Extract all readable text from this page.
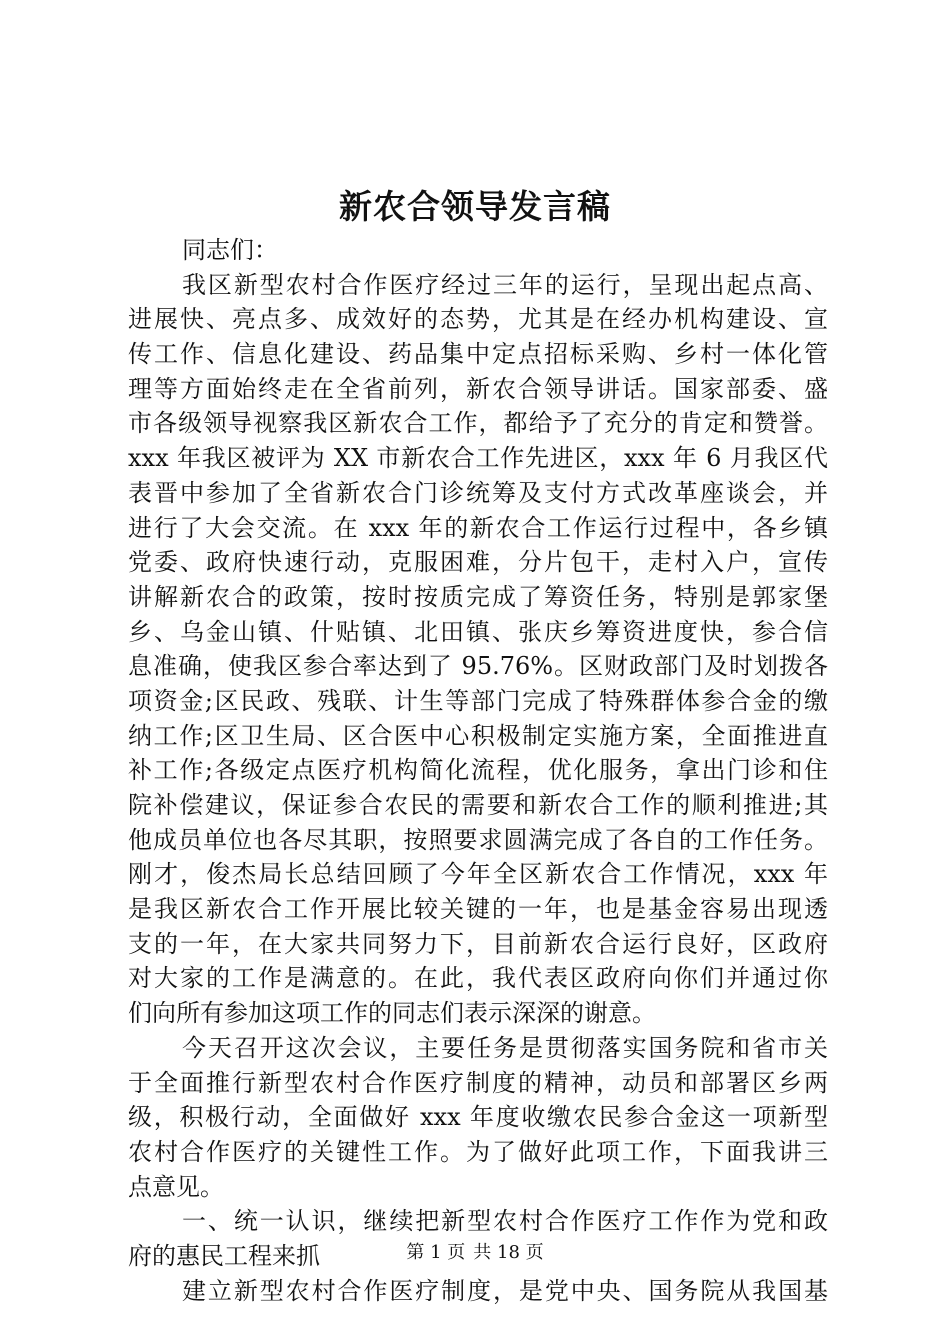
新农合领导发言稿
同志们：
我区新型农村合作医疗经过三年的运行，呈现出起点高、
进展快、亮点多、成效好的态势，尤其是在经办机构建设、宣
传工作、信息化建设、药品集中定点招标采购、乡村一体化管
理等方面始终走在全省前列，新农合领导讲话。国家部委、盛
市各级领导视察我区新农合工作，都给予了充分的肯定和赞誉。
xxx 年我区被评为 XX 市新农合工作先进区，xxx 年 6 月我区代
表晋中参加了全省新农合门诊统筹及支付方式改革座谈会，并
进行了大会交流。在 xxx 年的新农合工作运行过程中，各乡镇
党委、政府快速行动，克服困难，分片包干，走村入户，宣传
讲解新农合的政策，按时按质完成了筹资任务，特别是郭家堡
乡、乌金山镇、什贴镇、北田镇、张庆乡筹资进度快，参合信
息准确，使我区参合率达到了 95.76%。区财政部门及时划拨各
项资金;区民政、残联、计生等部门完成了特殊群体参合金的缴
纳工作;区卫生局、区合医中心积极制定实施方案，全面推进直
补工作;各级定点医疗机构简化流程，优化服务，拿出门诊和住
院补偿建议，保证参合农民的需要和新农合工作的顺利推进;其
他成员单位也各尽其职，按照要求圆满完成了各自的工作任务。
刚才，俊杰局长总结回顾了今年全区新农合工作情况，xxx 年
是我区新农合工作开展比较关键的一年，也是基金容易出现透
支的一年，在大家共同努力下，目前新农合运行良好，区政府
对大家的工作是满意的。在此，我代表区政府向你们并通过你
们向所有参加这项工作的同志们表示深深的谢意。
今天召开这次会议，主要任务是贯彻落实国务院和省市关
于全面推行新型农村合作医疗制度的精神，动员和部署区乡两
级，积极行动，全面做好 xxx 年度收缴农民参合金这一项新型
农村合作医疗的关键性工作。为了做好此项工作，下面我讲三
点意见。
一、统一认识，继续把新型农村合作医疗工作作为党和政
府的惠民工程来抓
建立新型农村合作医疗制度，是党中央、国务院从我国基
第 1 页 共 18 页
